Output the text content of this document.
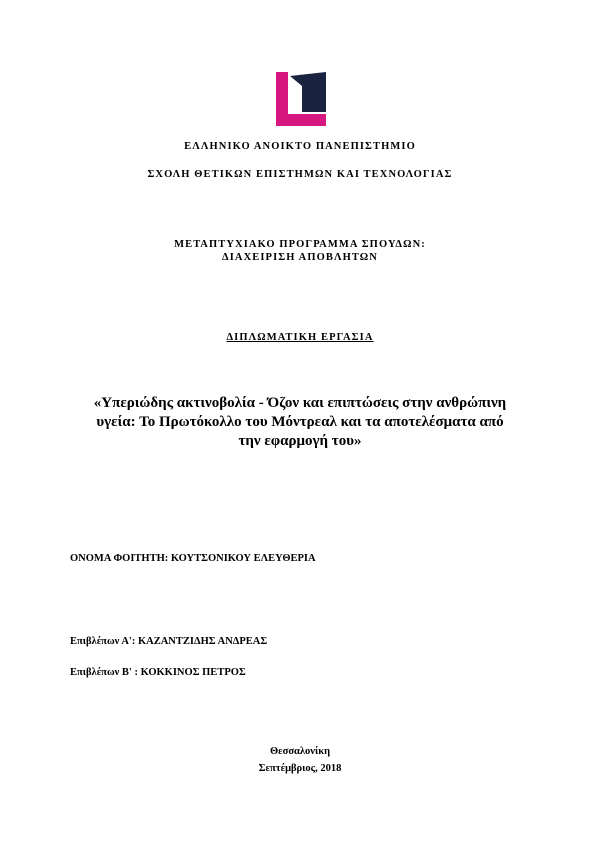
ΕΛΛΗΝΙΚΟ ΑΝΟΙΚΤΟ ΠΑΝΕΠΙΣΤΗΜΙΟ
ΣΧΟΛΗ ΘΕΤΙΚΩΝ ΕΠΙΣΤΗΜΩΝ ΚΑΙ ΤΕΧΝΟΛΟΓΙΑΣ
ΜΕΤΑΠΤΥΧΙΑΚΟ ΠΡΟΓΡΑΜΜΑ ΣΠΟΥΔΩΝ:
ΔΙΑΧΕΙΡΙΣΗ ΑΠΟΒΛΗΤΩΝ
ΔΙΠΛΩΜΑΤΙΚΗ ΕΡΓΑΣΙΑ
«Υπεριώδης ακτινοβολία - Όζον και επιπτώσεις στην ανθρώπινη
υγεία: Το Πρωτόκολλο του Μόντρεαλ και τα αποτελέσματα από
την εφαρμογή του»
ΟΝΟΜΑ ΦΟΙΤΗΤΗ: ΚΟΥΤΣΟΝΙΚΟΥ ΕΛΕΥΘΕΡΙΑ
Επιβλέπων Α': ΚΑΖΑΝΤΖΙΔΗΣ ΑΝΔΡΕΑΣ
Επιβλέπων Β' : ΚΟΚΚΙΝΟΣ ΠΕΤΡΟΣ
Θεσσαλονίκη
Σεπτέμβριος, 2018
